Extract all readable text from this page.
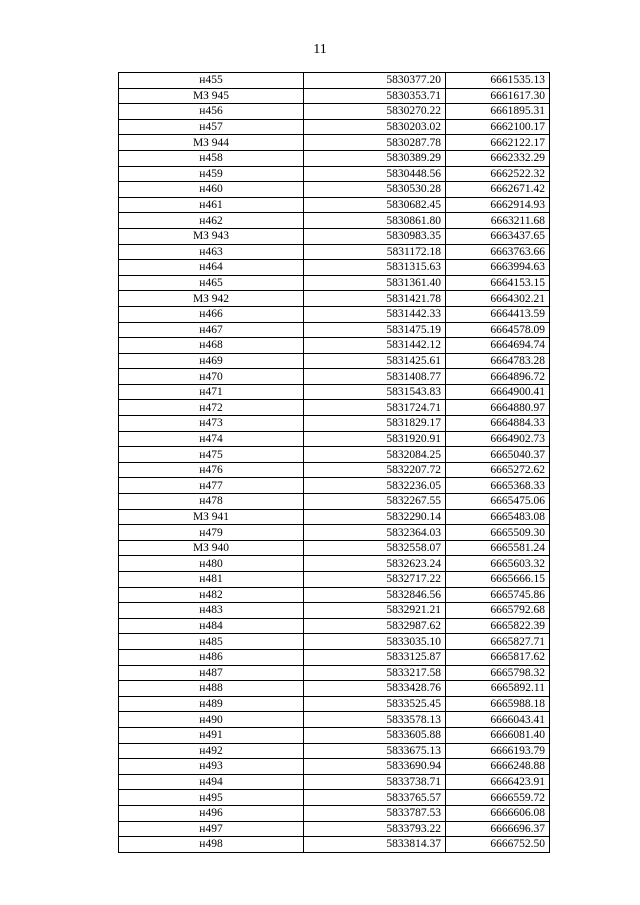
11
н455	5830377.20	6661535.13
МЗ 945	5830353.71	6661617.30
н456	5830270.22	6661895.31
н457	5830203.02	6662100.17
МЗ 944	5830287.78	6662122.17
н458	5830389.29	6662332.29
н459	5830448.56	6662522.32
н460	5830530.28	6662671.42
н461	5830682.45	6662914.93
н462	5830861.80	6663211.68
МЗ 943	5830983.35	6663437.65
н463	5831172.18	6663763.66
н464	5831315.63	6663994.63
н465	5831361.40	6664153.15
МЗ 942	5831421.78	6664302.21
н466	5831442.33	6664413.59
н467	5831475.19	6664578.09
н468	5831442.12	6664694.74
н469	5831425.61	6664783.28
н470	5831408.77	6664896.72
н471	5831543.83	6664900.41
н472	5831724.71	6664880.97
н473	5831829.17	6664884.33
н474	5831920.91	6664902.73
н475	5832084.25	6665040.37
н476	5832207.72	6665272.62
н477	5832236.05	6665368.33
н478	5832267.55	6665475.06
МЗ 941	5832290.14	6665483.08
н479	5832364.03	6665509.30
МЗ 940	5832558.07	6665581.24
н480	5832623.24	6665603.32
н481	5832717.22	6665666.15
н482	5832846.56	6665745.86
н483	5832921.21	6665792.68
н484	5832987.62	6665822.39
н485	5833035.10	6665827.71
н486	5833125.87	6665817.62
н487	5833217.58	6665798.32
н488	5833428.76	6665892.11
н489	5833525.45	6665988.18
н490	5833578.13	6666043.41
н491	5833605.88	6666081.40
н492	5833675.13	6666193.79
н493	5833690.94	6666248.88
н494	5833738.71	6666423.91
н495	5833765.57	6666559.72
н496	5833787.53	6666606.08
н497	5833793.22	6666696.37
н498	5833814.37	6666752.50
